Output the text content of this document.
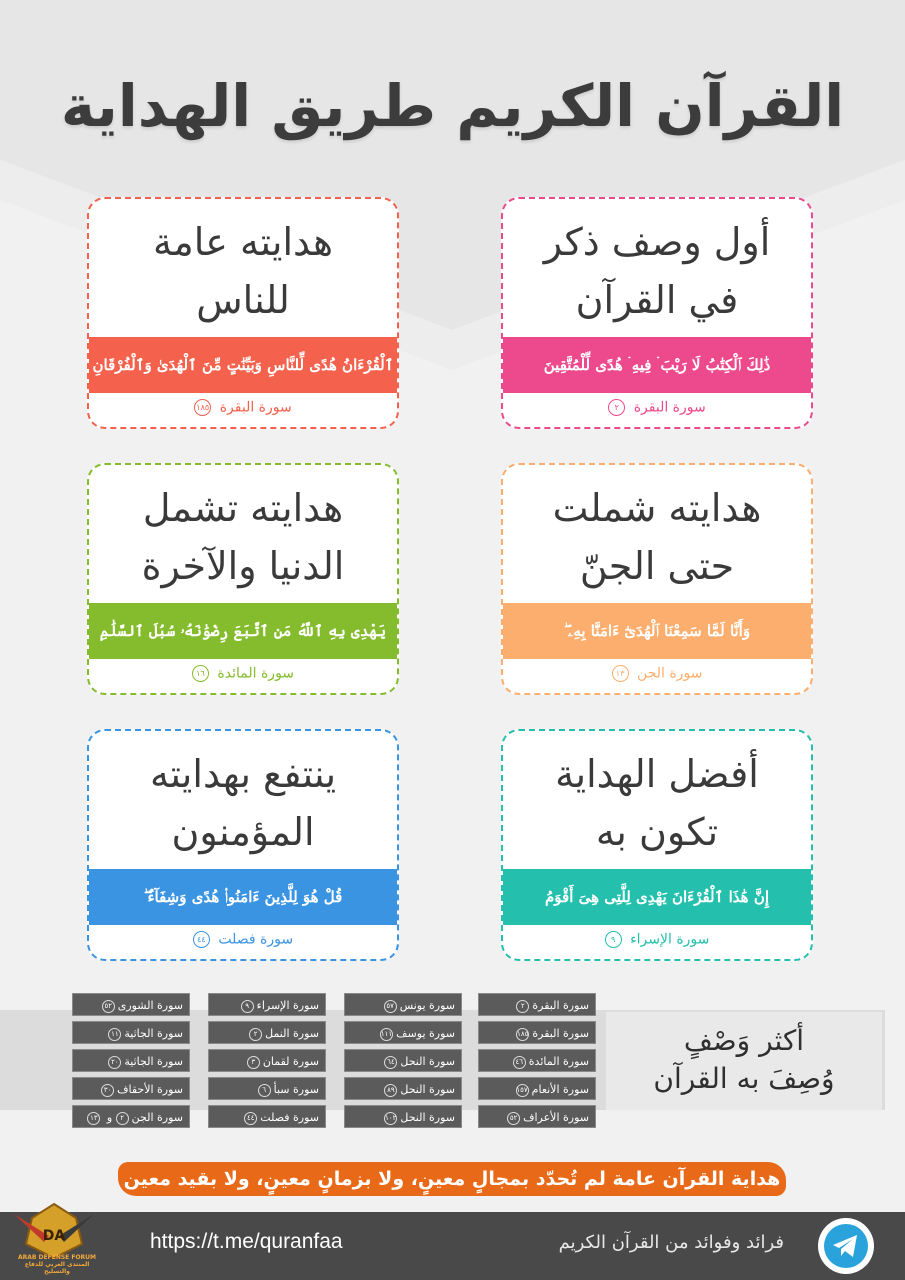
القرآن الكريم طريق الهداية
أول وصف ذكر
في القرآن
ذَٰلِكَ ٱلْكِتَٰبُ لَا رَيْبَ ۛ فِيهِ ۛ هُدًى لِّلْمُتَّقِينَ
سورة البقرة ٢
هدايته عامة
للناس
ٱلْقُرْءَانُ هُدًى لِّلنَّاسِ وَبَيِّنَٰتٍ مِّنَ ٱلْهُدَىٰ وَٱلْفُرْقَانِ
سورة البقرة ١٨٥
هدايته شملت
حتى الجنّ
وَأَنَّا لَمَّا سَمِعْنَا ٱلْهُدَىٰٓ ءَامَنَّا بِهِۦ ۖ
سورة الجن ١٣
هدايته تشمل
الدنيا والآخرة
يَهْدِى بِهِ ٱللَّهُ مَنِ ٱتَّبَعَ رِضْوَٰنَهُۥ سُبُلَ ٱلسَّلَٰمِ
سورة المائدة ١٦
أفضل الهداية
تكون به
إِنَّ هَٰذَا ٱلْقُرْءَانَ يَهْدِى لِلَّتِى هِىَ أَقْوَمُ
سورة الإسراء ٩
ينتفع بهدايته
المؤمنون
قُلْ هُوَ لِلَّذِينَ ءَامَنُوا۟ هُدًى وَشِفَآءٌ ۖ
سورة فصلت ٤٤
أكثر وَصْفٍ
وُصِفَ به القرآن
سورة البقرة٢
سورة البقرة١٨٥
سورة المائدة٤٦
سورة الأنعام١٥٧
سورة الأعراف٥٢
سورة يونس٥٧
سورة يوسف١١١
سورة النحل٦٤
سورة النحل٨٩
سورة النحل١٠٢
سورة الإسراء٩
سورة النمل٢
سورة لقمان٣
سورة سبأ٦
سورة فصلت٤٤
سورة الشورى٥٢
سورة الجاثية١١
سورة الجاثية٢٠
سورة الأحقاف٣٠
سورة الجن٢ و ١٣
هداية القرآن عامة لم تُحدّد بمجالٍ معينٍ، ولا بزمانٍ معينٍ، ولا بقيد معين
https://t.me/quranfaa	فرائد وفوائد من القرآن الكريم
DA
ARAB DEFENSE FORUM
المنتدى العربي للدفاع والتسليح
